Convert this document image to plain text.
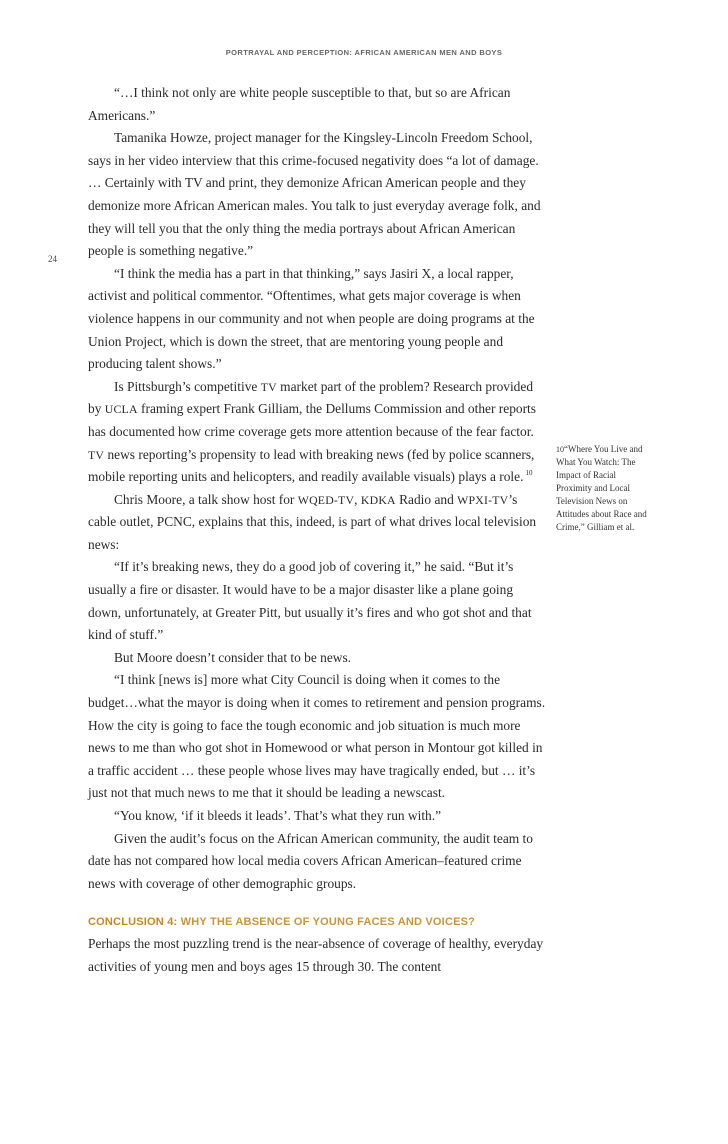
PORTRAYAL AND PERCEPTION: AFRICAN AMERICAN MEN AND BOYS
24

“…I think not only are white people susceptible to that, but so are African Americans.”

Tamanika Howze, project manager for the Kingsley-Lincoln Freedom School, says in her video interview that this crime-focused negativity does “a lot of damage. … Certainly with TV and print, they demonize African American people and they demonize more African American males. You talk to just everyday average folk, and they will tell you that the only thing the media portrays about African American people is something negative.”

“I think the media has a part in that thinking,” says Jasiri X, a local rapper, activist and political commentor. “Oftentimes, what gets major coverage is when violence happens in our community and not when people are doing programs at the Union Project, which is down the street, that are mentoring young people and producing talent shows.”

Is Pittsburgh’s competitive TV market part of the problem? Research provided by UCLA framing expert Frank Gilliam, the Dellums Commission and other reports has documented how crime coverage gets more attention because of the fear factor. TV news reporting’s propensity to lead with breaking news (fed by police scanners, mobile reporting units and helicopters, and readily available visuals) plays a role. $^{10}$

Chris Moore, a talk show host for WQED-TV, KDKA Radio and WPXI-TV’s cable outlet, PCNC, explains that this, indeed, is part of what drives local television news:

“If it’s breaking news, they do a good job of covering it,” he said. “But it’s usually a fire or disaster. It would have to be a major disaster like a plane going down, unfortunately, at Greater Pitt, but usually it’s fires and who got shot and that kind of stuff.”

But Moore doesn’t consider that to be news.

“I think [news is] more what City Council is doing when it comes to the budget…what the mayor is doing when it comes to retirement and pension programs. How the city is going to face the tough economic and job situation is much more news to me than who got shot in Homewood or what person in Montour got killed in a traffic accident … these people whose lives may have tragically ended, but … it’s just not that much news to me that it should be leading a newscast.

“You know, ‘if it bleeds it leads’. That’s what they run with.”

Given the audit’s focus on the African American community, the audit team to date has not compared how local media covers African American–featured crime news with coverage of other demographic groups.

CONCLUSION 4: WHY THE ABSENCE OF YOUNG FACES AND VOICES?

Perhaps the most puzzling trend is the near-absence of coverage of healthy, everyday activities of young men and boys ages 15 through 30. The content

10“Where You Live and What You Watch: The Impact of Racial Proximity and Local Television News on Attitudes about Race and Crime,” Gilliam et al.
